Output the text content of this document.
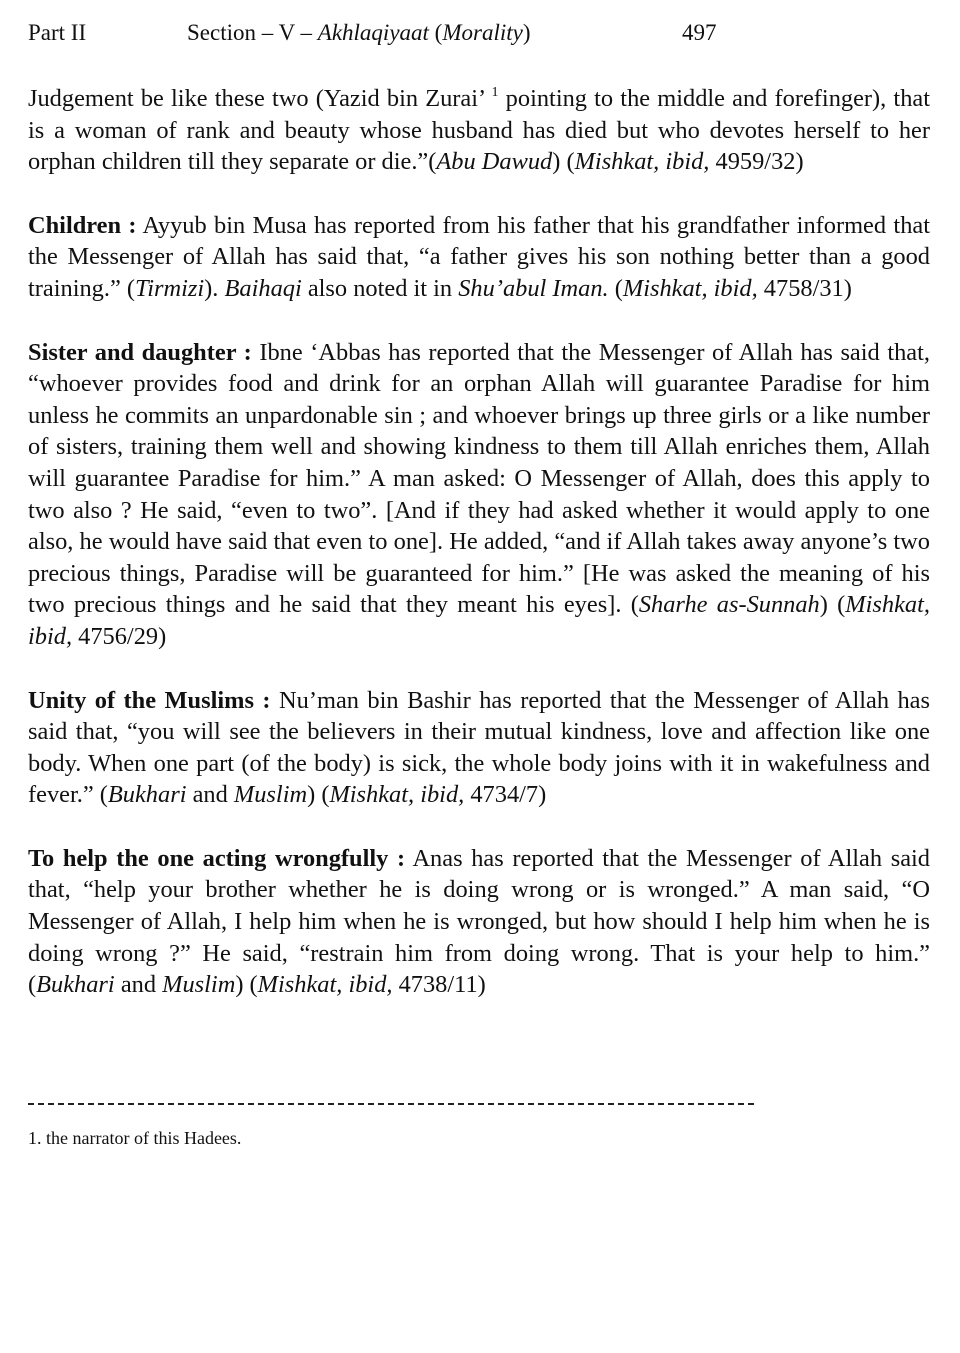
Part II	Section – V – Akhlaqiyaat (Morality)	497

Judgement be like these two (Yazid bin Zurai’ $^1$ pointing to the middle and forefinger), that is a woman of rank and beauty whose husband has died but who devotes herself to her orphan children till they separate or die.”(Abu Dawud) (Mishkat, ibid, 4959/32)

Children : Ayyub bin Musa has reported from his father that his grandfather informed that the Messenger of Allah has said that, “a father gives his son nothing better than a good training.” (Tirmizi). Baihaqi also noted it in Shu’abul Iman. (Mishkat, ibid, 4758/31)

Sister and daughter : Ibne ‘Abbas has reported that the Messenger of Allah has said that, “whoever provides food and drink for an orphan Allah will guarantee Paradise for him unless he commits an unpardonable sin ; and whoever brings up three girls or a like number of sisters, training them well and showing kindness to them till Allah enriches them, Allah will guarantee Paradise for him.” A man asked: O Messenger of Allah, does this apply to two also ? He said, “even to two”. [And if they had asked whether it would apply to one also, he would have said that even to one]. He added, “and if Allah takes away anyone’s two precious things, Paradise will be guaranteed for him.” [He was asked the meaning of his two precious things and he said that they meant his eyes]. (Sharhe as-Sunnah) (Mishkat, ibid, 4756/29)

Unity of the Muslims : Nu’man bin Bashir has reported that the Messenger of Allah has said that, “you will see the believers in their mutual kindness, love and affection like one body. When one part (of the body) is sick, the whole body joins with it in wakefulness and fever.” (Bukhari and Muslim) (Mishkat, ibid, 4734/7)

To help the one acting wrongfully : Anas has reported that the Messenger of Allah said that, “help your brother whether he is doing wrong or is wronged.” A man said, “O Messenger of Allah, I help him when he is wronged, but how should I help him when he is doing wrong ?” He said, “restrain him from doing wrong. That is your help to him.” (Bukhari and Muslim) (Mishkat, ibid, 4738/11)

1. the narrator of this Hadees.
